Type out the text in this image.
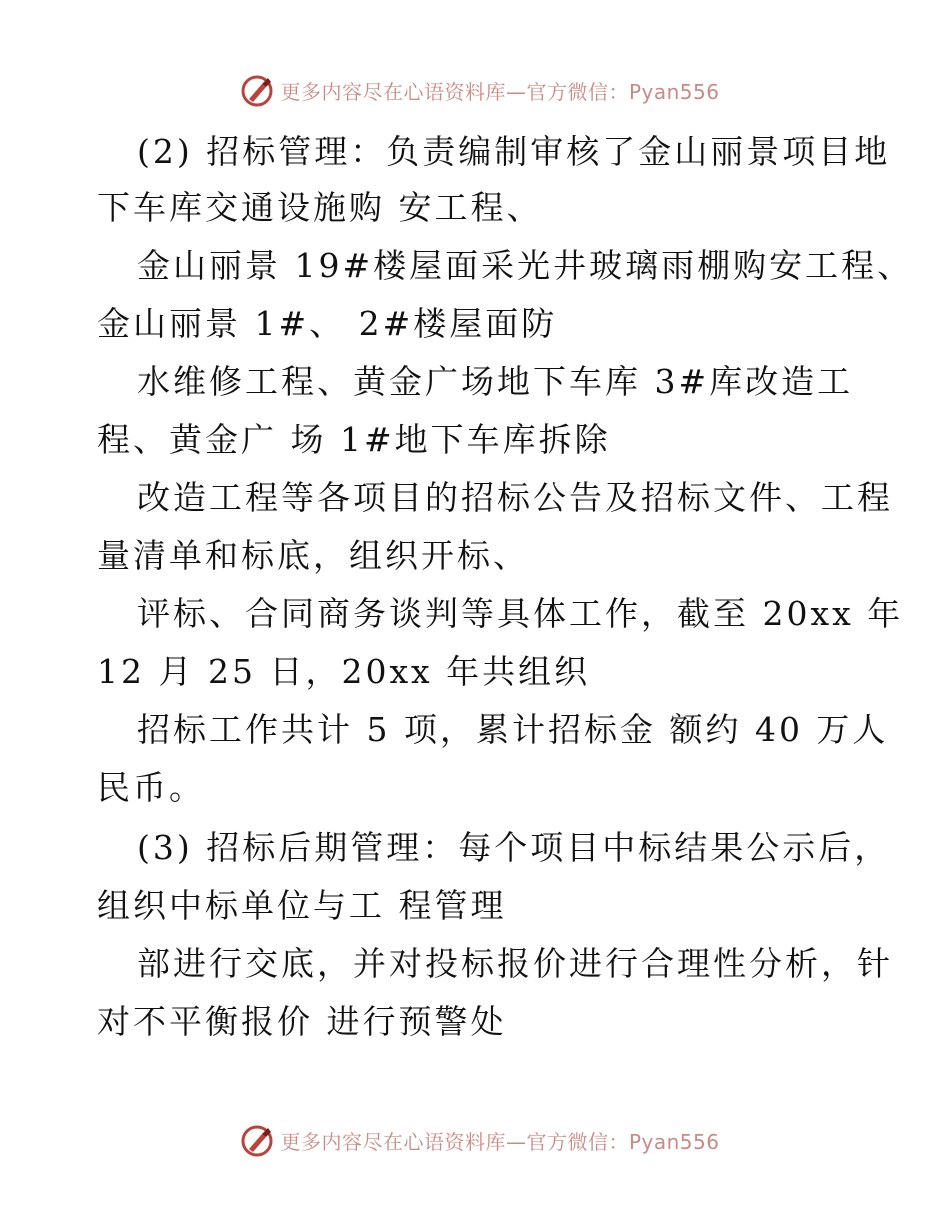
更多内容尽在心语资料库—官方微信：Pyan556
(2) 招标管理：负责编制审核了金山丽景项目地
下车库交通设施购 安工程、
金山丽景 19#楼屋面采光井玻璃雨棚购安工程、
金山丽景 1#、 2#楼屋面防
水维修工程、黄金广场地下车库 3#库改造工
程、黄金广 场 1#地下车库拆除
改造工程等各项目的招标公告及招标文件、工程
量清单和标底，组织开标、
评标、合同商务谈判等具体工作，截至 20xx 年
12 月 25 日，20xx 年共组织
招标工作共计 5 项，累计招标金 额约 40 万人
民币。
(3) 招标后期管理：每个项目中标结果公示后，
组织中标单位与工 程管理
部进行交底，并对投标报价进行合理性分析，针
对不平衡报价 进行预警处
更多内容尽在心语资料库—官方微信：Pyan556
